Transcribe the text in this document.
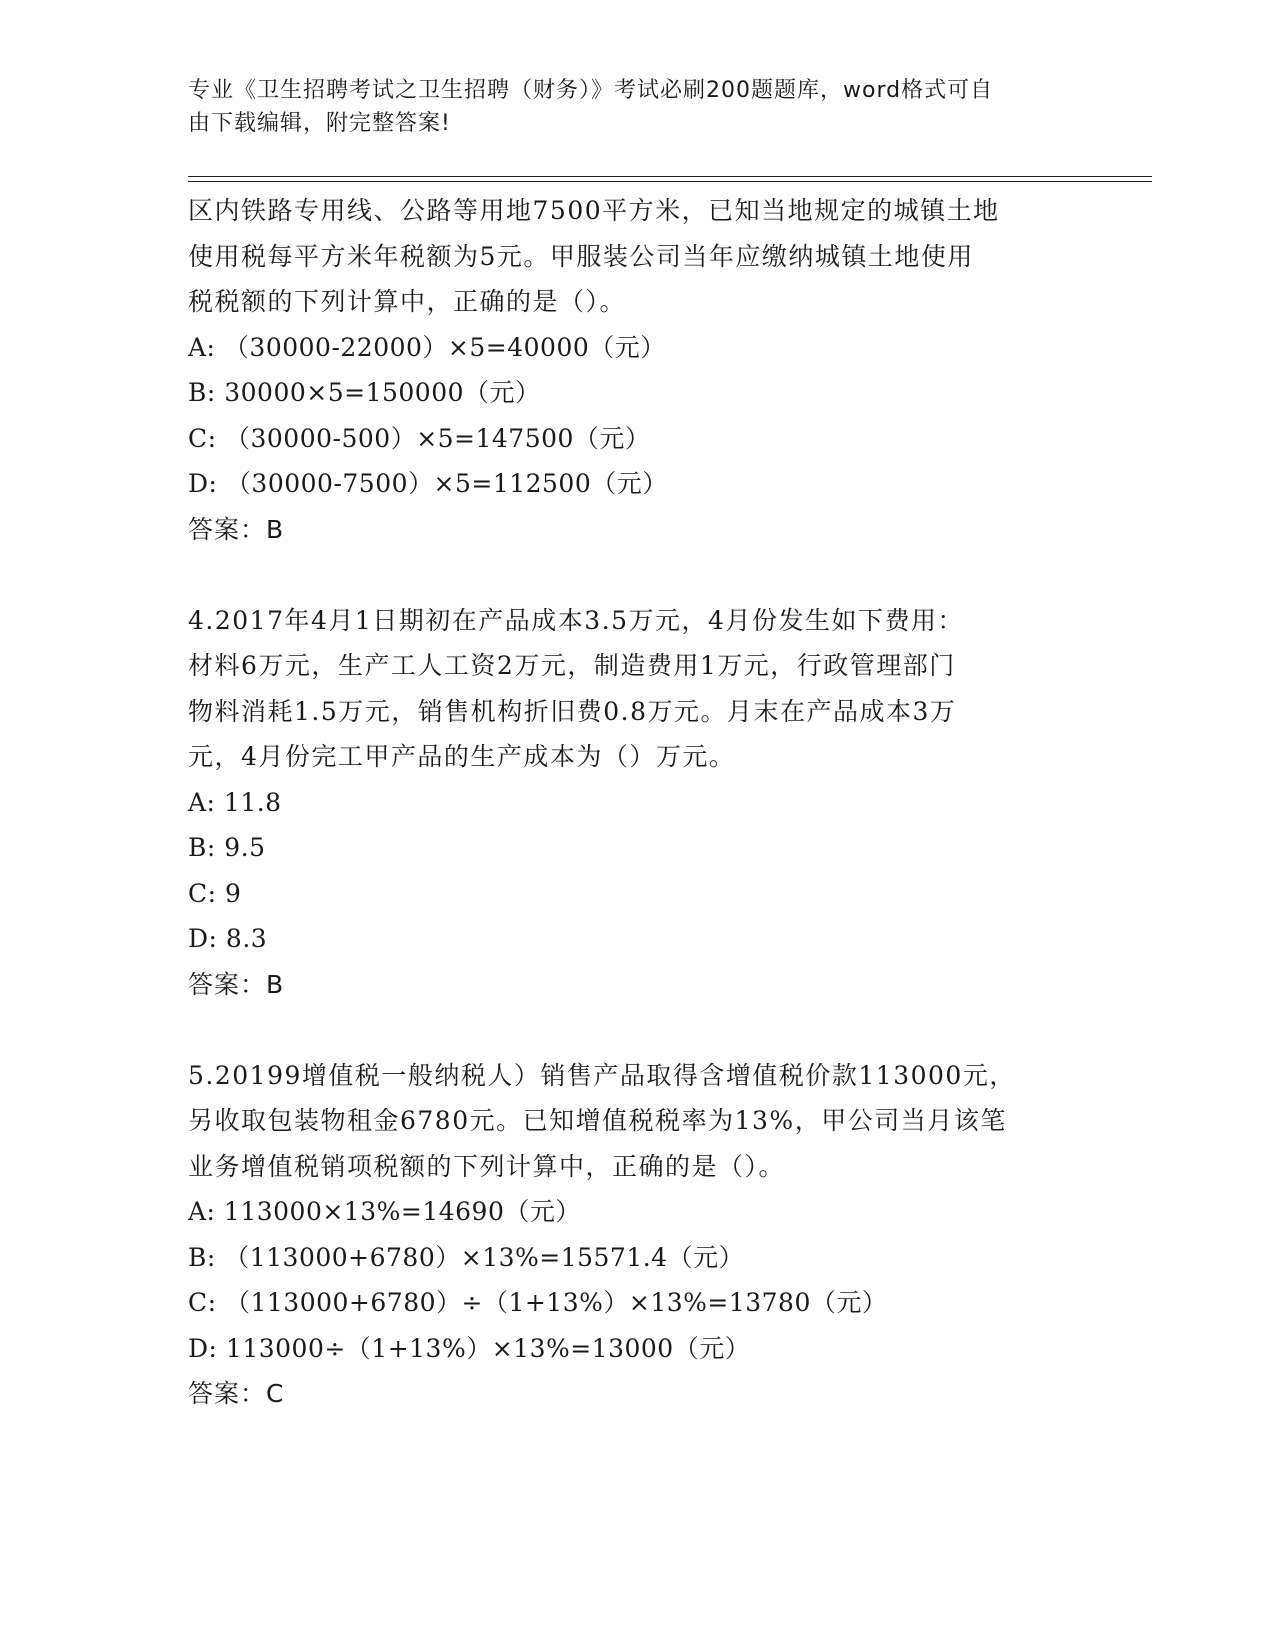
专业《卫生招聘考试之卫生招聘（财务）》考试必刷200题题库，word格式可自
由下载编辑，附完整答案!

区内铁路专用线、公路等用地7500平方米，已知当地规定的城镇土地
使用税每平方米年税额为5元。甲服装公司当年应缴纳城镇土地使用
税税额的下列计算中，正确的是（）。

A: （30000-22000）×5=40000（元）
B: 30000×5=150000（元）
C: （30000-500）×5=147500（元）
D: （30000-7500）×5=112500（元）
答案：B

4.2017年4月1日期初在产品成本3.5万元，4月份发生如下费用：
材料6万元，生产工人工资2万元，制造费用1万元，行政管理部门
物料消耗1.5万元，销售机构折旧费0.8万元。月末在产品成本3万
元，4月份完工甲产品的生产成本为（）万元。

A: 11.8
B: 9.5
C: 9
D: 8.3
答案：B

5.20199增值税一般纳税人）销售产品取得含增值税价款113000元，
另收取包装物租金6780元。已知增值税税率为13%，甲公司当月该笔
业务增值税销项税额的下列计算中，正确的是（）。

A: 113000×13%=14690（元）
B: （113000+6780）×13%=15571.4（元）
C: （113000+6780）÷（1+13%）×13%=13780（元）
D: 113000÷（1+13%）×13%=13000（元）
答案：C
